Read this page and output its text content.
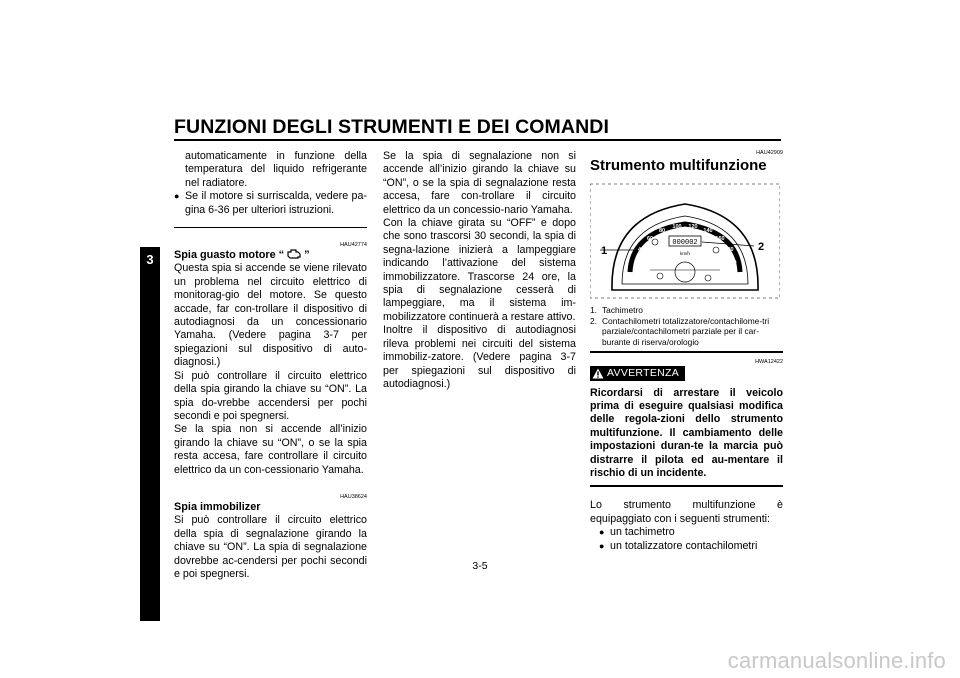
FUNZIONI DEGLI STRUMENTI E DEI COMANDI
3
automaticamente in funzione della temperatura del liquido refrigerante nel radiatore.
● Se il motore si surriscalda, vedere pa-gina 6-36 per ulteriori istruzioni.
HAU42774
Spia guasto motore “ ”

Questa spia si accende se viene rilevato un problema nel circuito elettrico di monitorag-gio del motore. Se questo accade, far con-trollare il dispositivo di autodiagnosi da un concessionario Yamaha. (Vedere pagina 3-7 per spiegazioni sul dispositivo di auto-diagnosi.)

Si può controllare il circuito elettrico della spia girando la chiave su “ON”. La spia do-vrebbe accendersi per pochi secondi e poi spegnersi.

Se la spia non si accende all’inizio girando la chiave su “ON”, o se la spia resta accesa, fare controllare il circuito elettrico da un con-cessionario Yamaha.

HAU38624
Spia immobilizer

Si può controllare il circuito elettrico della spia di segnalazione girando la chiave su “ON”. La spia di segnalazione dovrebbe ac-cendersi per pochi secondi e poi spegnersi.

Se la spia di segnalazione non si accende all’inizio girando la chiave su “ON”, o se la spia di segnalazione resta accesa, fare con-trollare il circuito elettrico da un concessio-nario Yamaha.

Con la chiave girata su “OFF” e dopo che sono trascorsi 30 secondi, la spia di segna-lazione inizierà a lampeggiare indicando l’attivazione del sistema immobilizzatore. Trascorse 24 ore, la spia di segnalazione cesserà di lampeggiare, ma il sistema im-mobilizzatore continuerà a restare attivo.

Inoltre il dispositivo di autodiagnosi rileva problemi nei circuiti del sistema immobiliz-zatore. (Vedere pagina 3-7 per spiegazioni sul dispositivo di autodiagnosi.)

HAU42909
Strumento multifunzione
20
40
60
80
100 120
140
160
180
200
000002
km/h
1	2
1. Tachimetro
2. Contachilometri totalizzatore/contachilome-tri parziale/contachilometri parziale per il car-burante di riserva/orologio
HWA12422
AVVERTENZA

Ricordarsi di arrestare il veicolo prima di eseguire qualsiasi modifica delle regola-zioni dello strumento multifunzione. Il cambiamento delle impostazioni duran-te la marcia può distrarre il pilota ed au-mentare il rischio di un incidente.

Lo strumento multifunzione è equipaggiato con i seguenti strumenti:

● un tachimetro
● un totalizzatore contachilometri
3-5
carmanualsonline.info
